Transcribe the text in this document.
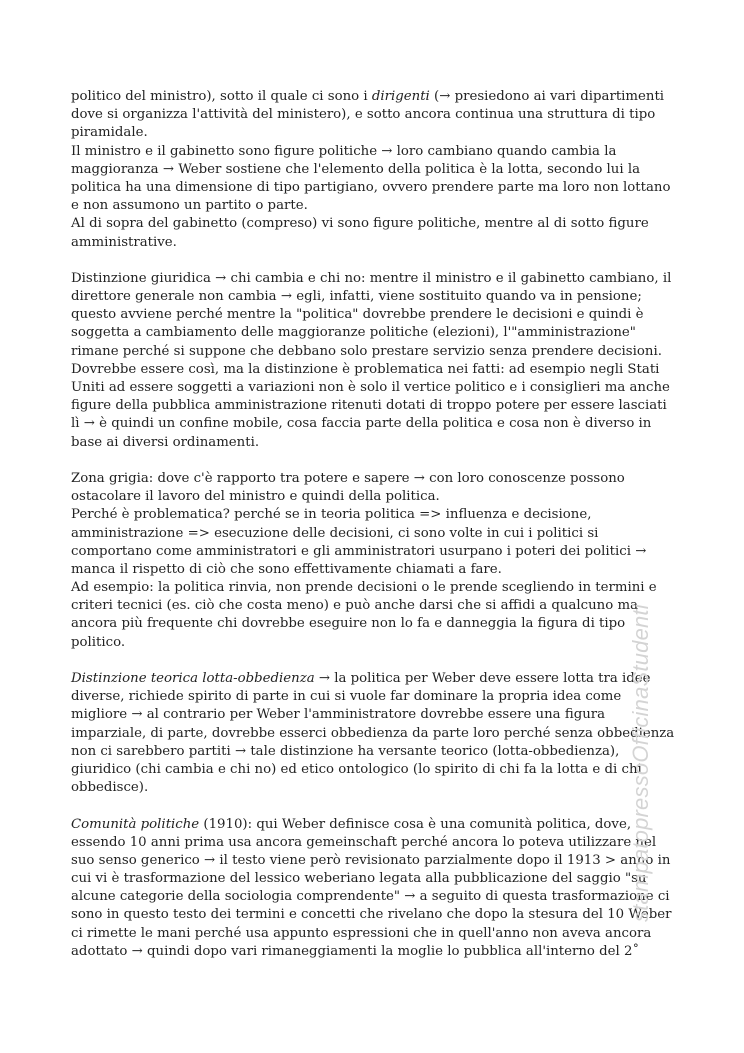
politico del ministro), sotto il quale ci sono i dirigenti (→ presiedono ai vari dipartimenti
dove si organizza l'attività del ministero), e sotto ancora continua una struttura di tipo
piramidale.
Il ministro e il gabinetto sono figure politiche → loro cambiano quando cambia la
maggioranza → Weber sostiene che l'elemento della politica è la lotta, secondo lui la
politica ha una dimensione di tipo partigiano, ovvero prendere parte ma loro non lottano
e non assumono un partito o parte.
Al di sopra del gabinetto (compreso) vi sono figure politiche, mentre al di sotto figure
amministrative.
Distinzione giuridica → chi cambia e chi no: mentre il ministro e il gabinetto cambiano, il
direttore generale non cambia → egli, infatti, viene sostituito quando va in pensione;
questo avviene perché mentre la "politica" dovrebbe prendere le decisioni e quindi è
soggetta a cambiamento delle maggioranze politiche (elezioni), l'"amministrazione"
rimane perché si suppone che debbano solo prestare servizio senza prendere decisioni.
Dovrebbe essere così, ma la distinzione è problematica nei fatti: ad esempio negli Stati
Uniti ad essere soggetti a variazioni non è solo il vertice politico e i consiglieri ma anche
figure della pubblica amministrazione ritenuti dotati di troppo potere per essere lasciati
lì → è quindi un confine mobile, cosa faccia parte della politica e cosa non è diverso in
base ai diversi ordinamenti.
Zona grigia: dove c'è rapporto tra potere e sapere → con loro conoscenze possono
ostacolare il lavoro del ministro e quindi della politica.
Perché è problematica? perché se in teoria politica => influenza e decisione,
amministrazione => esecuzione delle decisioni, ci sono volte in cui i politici si
comportano come amministratori e gli amministratori usurpano i poteri dei politici →
manca il rispetto di ciò che sono effettivamente chiamati a fare.
Ad esempio: la politica rinvia, non prende decisioni o le prende scegliendo in termini e
criteri tecnici (es. ciò che costa meno) e può anche darsi che si affidi a qualcuno ma
ancora più frequente chi dovrebbe eseguire non lo fa e danneggia la figura di tipo
politico.
Distinzione teorica lotta-obbedienza → la politica per Weber deve essere lotta tra idee
diverse, richiede spirito di parte in cui si vuole far dominare la propria idea come
migliore → al contrario per Weber l'amministratore dovrebbe essere una figura
imparziale, di parte, dovrebbe esserci obbedienza da parte loro perché senza obbedienza
non ci sarebbero partiti → tale distinzione ha versante teorico (lotta-obbedienza),
giuridico (chi cambia e chi no) ed etico ontologico (lo spirito di chi fa la lotta e di chi
obbedisce).
Comunità politiche (1910): qui Weber definisce cosa è una comunità politica, dove,
essendo 10 anni prima usa ancora gemeinschaft perché ancora lo poteva utilizzare nel
suo senso generico → il testo viene però revisionato parzialmente dopo il 1913 > anno in
cui vi è trasformazione del lessico weberiano legata alla pubblicazione del saggio "su
alcune categorie della sociologia comprendente" → a seguito di questa trasformazione ci
sono in questo testo dei termini e concetti che rivelano che dopo la stesura del 10 Weber
ci rimette le mani perché usa appunto espressioni che in quell'anno non aveva ancora
adottato → quindi dopo vari rimaneggiamenti la moglie lo pubblica all'interno del 2˚
stampatopressoOfficinaStudenti
